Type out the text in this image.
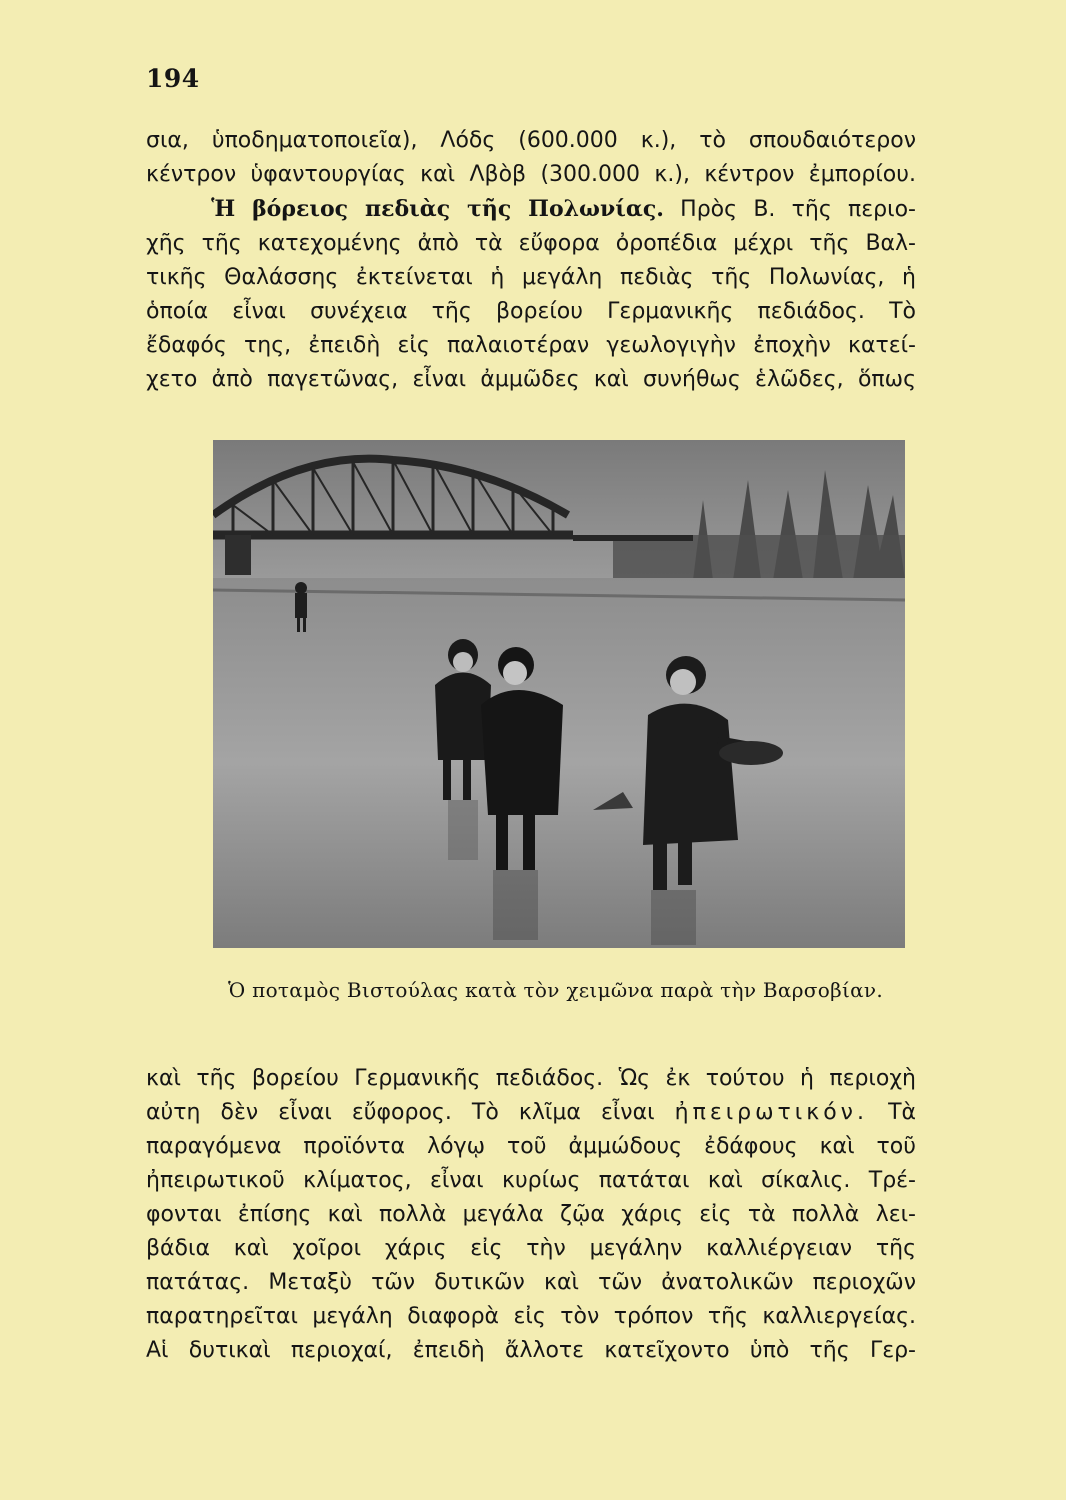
194
σια, ὑποδηματοποιεῖα), Λόδς (600.000 κ.), τὸ σπουδαιότερον
κέντρον ὑφαντουργίας καὶ Λβὸβ (300.000 κ.), κέντρον ἐμπορίου.
Ἡ βόρειος πεδιὰς τῆς Πολωνίας. Πρὸς Β. τῆς περιο-
χῆς τῆς κατεχομένης ἀπὸ τὰ εὔφορα ὀροπέδια μέχρι τῆς Βαλ-
τικῆς Θαλάσσης ἐκτείνεται ἡ μεγάλη πεδιὰς τῆς Πολωνίας, ἡ
ὁποία εἶναι συνέχεια τῆς βορείου Γερμανικῆς πεδιάδος. Τὸ
ἔδαφός της, ἐπειδὴ εἰς παλαιοτέραν γεωλογιγὴν ἐποχὴν κατεί-
χετο ἀπὸ παγετῶνας, εἶναι ἀμμῶδες καὶ συνήθως ἑλῶδες, ὅπως
Ὁ ποταμὸς Βιστούλας κατὰ τὸν χειμῶνα παρὰ τὴν Βαρσοβίαν.
καὶ τῆς βορείου Γερμανικῆς πεδιάδος. Ὡς ἐκ τούτου ἡ περιοχὴ
αὐτη δὲν εἶναι εὔφορος. Τὸ κλῖμα εἶναι ἠπειρωτικόν. Τὰ
παραγόμενα προϊόντα λόγῳ τοῦ ἀμμώδους ἐδάφους καὶ τοῦ
ἠπειρωτικοῦ κλίματος, εἶναι κυρίως πατάται καὶ σίκαλις. Τρέ-
φονται ἐπίσης καὶ πολλὰ μεγάλα ζῷα χάρις εἰς τὰ πολλὰ λει-
βάδια καὶ χοῖροι χάρις εἰς τὴν μεγάλην καλλιέργειαν τῆς
πατάτας. Μεταξὺ τῶν δυτικῶν καὶ τῶν ἀνατολικῶν περιοχῶν
παρατηρεῖται μεγάλη διαφορὰ εἰς τὸν τρόπον τῆς καλλιεργείας.
Αἱ δυτικαὶ περιοχαί, ἐπειδὴ ἄλλοτε κατεῖχοντο ὑπὸ τῆς Γερ-
